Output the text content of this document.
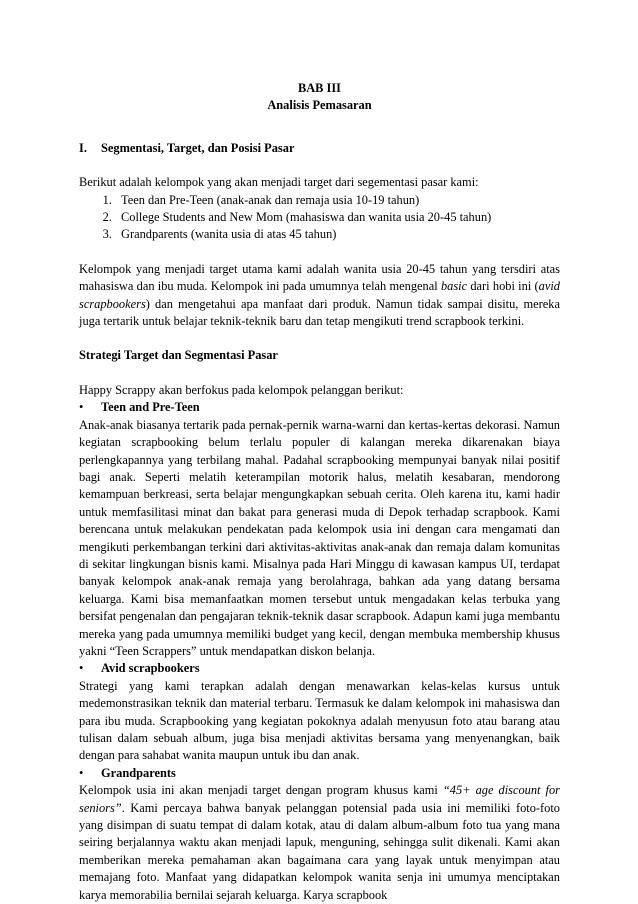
BAB III
Analisis Pemasaran
I.	Segmentasi, Target, dan Posisi Pasar

Berikut adalah kelompok yang akan menjadi target dari segementasi pasar kami:

1. Teen dan Pre-Teen (anak-anak dan remaja usia 10-19 tahun)
2. College Students and New Mom (mahasiswa dan wanita usia 20-45 tahun)
3. Grandparents (wanita usia di atas 45 tahun)

Kelompok yang menjadi target utama kami adalah wanita usia 20-45 tahun yang tersdiri atas mahasiswa dan ibu muda. Kelompok ini pada umumnya telah mengenal basic dari hobi ini (avid scrapbookers) dan mengetahui apa manfaat dari produk. Namun tidak sampai disitu, mereka juga tertarik untuk belajar teknik-teknik baru dan tetap mengikuti trend scrapbook terkini.

Strategi Target dan Segmentasi Pasar

Happy Scrappy akan berfokus pada kelompok pelanggan berikut:

•	Teen and Pre-Teen

Anak-anak biasanya tertarik pada pernak-pernik warna-warni dan kertas-kertas dekorasi. Namun kegiatan scrapbooking belum terlalu populer di kalangan mereka dikarenakan biaya perlengkapannya yang terbilang mahal. Padahal scrapbooking mempunyai banyak nilai positif bagi anak. Seperti melatih keterampilan motorik halus, melatih kesabaran, mendorong kemampuan berkreasi, serta belajar mengungkapkan sebuah cerita. Oleh karena itu, kami hadir untuk memfasilitasi minat dan bakat para generasi muda di Depok terhadap scrapbook. Kami berencana untuk melakukan pendekatan pada kelompok usia ini dengan cara mengamati dan mengikuti perkembangan terkini dari aktivitas-aktivitas anak-anak dan remaja dalam komunitas di sekitar lingkungan bisnis kami. Misalnya pada Hari Minggu di kawasan kampus UI, terdapat banyak kelompok anak-anak remaja yang berolahraga, bahkan ada yang datang bersama keluarga. Kami bisa memanfaatkan momen tersebut untuk mengadakan kelas terbuka yang bersifat pengenalan dan pengajaran teknik-teknik dasar scrapbook. Adapun kami juga membantu mereka yang pada umumnya memiliki budget yang kecil, dengan membuka membership khusus yakni “Teen Scrappers” untuk mendapatkan diskon belanja.

•	Avid scrapbookers

Strategi yang kami terapkan adalah dengan menawarkan kelas-kelas kursus untuk medemonstrasikan teknik dan material terbaru. Termasuk ke dalam kelompok ini mahasiswa dan para ibu muda. Scrapbooking yang kegiatan pokoknya adalah menyusun foto atau barang atau tulisan dalam sebuah album, juga bisa menjadi aktivitas bersama yang menyenangkan, baik dengan para sahabat wanita maupun untuk ibu dan anak.

•	Grandparents

Kelompok usia ini akan menjadi target dengan program khusus kami “45+ age discount for seniors”. Kami percaya bahwa banyak pelanggan potensial pada usia ini memiliki foto-foto yang disimpan di suatu tempat di dalam kotak, atau di dalam album-album foto tua yang mana seiring berjalannya waktu akan menjadi lapuk, menguning, sehingga sulit dikenali. Kami akan memberikan mereka pemahaman akan bagaimana cara yang layak untuk menyimpan atau memajang foto. Manfaat yang didapatkan kelompok wanita senja ini umumya menciptakan karya memorabilia bernilai sejarah keluarga. Karya scrapbook
